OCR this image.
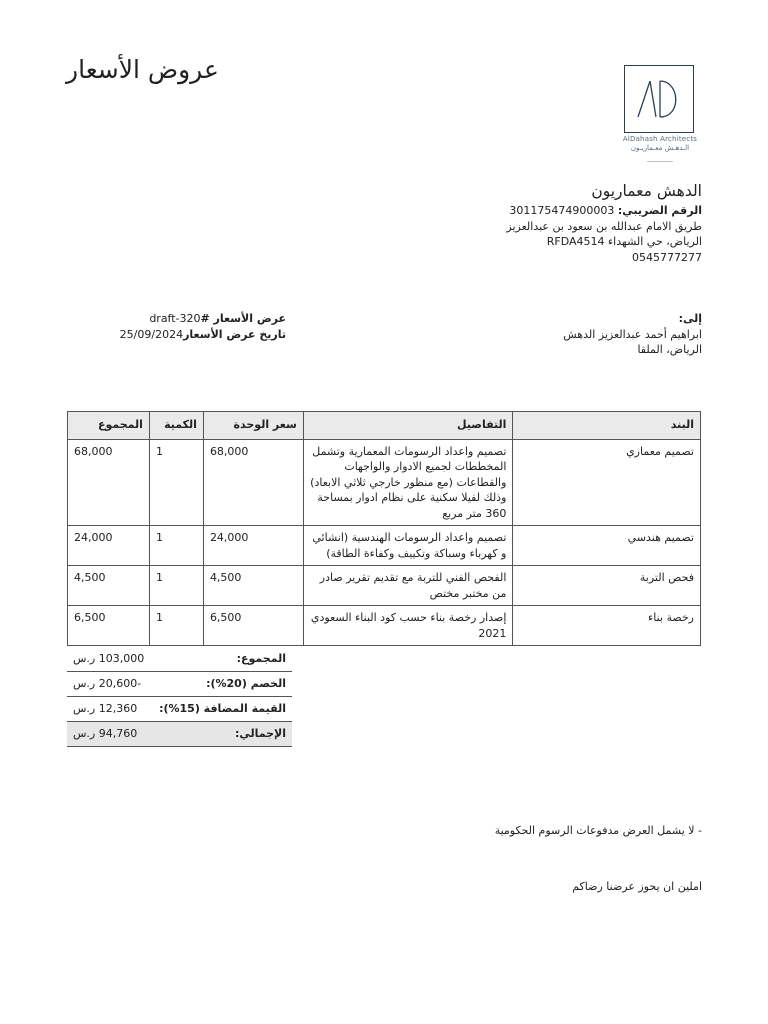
عروض الأسعار
AlDahash Architects
الـدهـش معـماريـون
الدهش معماريون
الرقم الضريبي: 301175474900003
طريق الامام عبدالله بن سعود بن عبدالعزيز
الرياض، حي الشهداء RFDA4514
0545777277
إلى:
ابراهيم أحمد عبدالعزيز الدهش
الرياض، الملقا
عرض الأسعار #draft-320
تاريخ عرض الأسعار25/09/2024
البند	التفاصيل	سعر الوحدة	الكمية	المجموع
تصميم معماري	تصميم واعداد الرسومات المعمارية وتشمل المخططات لجميع الادوار والواجهات والقطاعات (مع منظور خارجي ثلاثي الابعاد) وذلك لفيلا سكنية على نظام ادوار بمساحة 360 متر مربع	68,000	1	68,000
تصميم هندسي	تصميم واعداد الرسومات الهندسية (انشائي و كهرباء وسباكة وتكييف وكفاءة الطاقة)	24,000	1	24,000
فحص التربة	الفحص الفني للتربة مع تقديم تقرير صادر من مختبر مختص	4,500	1	4,500
رخصة بناء	إصدار رخصة بناء حسب كود البناء السعودي 2021	6,500	1	6,500
المجموع:	103,000 ر.س
الخصم (20%):	-20,600 ر.س
القيمة المضافة (15%):	12,360 ر.س
الإجمالي:	94,760 ر.س
- لا يشمل العرض مدفوعات الرسوم الحكومية
املين ان يحوز عرضنا رضاكم
